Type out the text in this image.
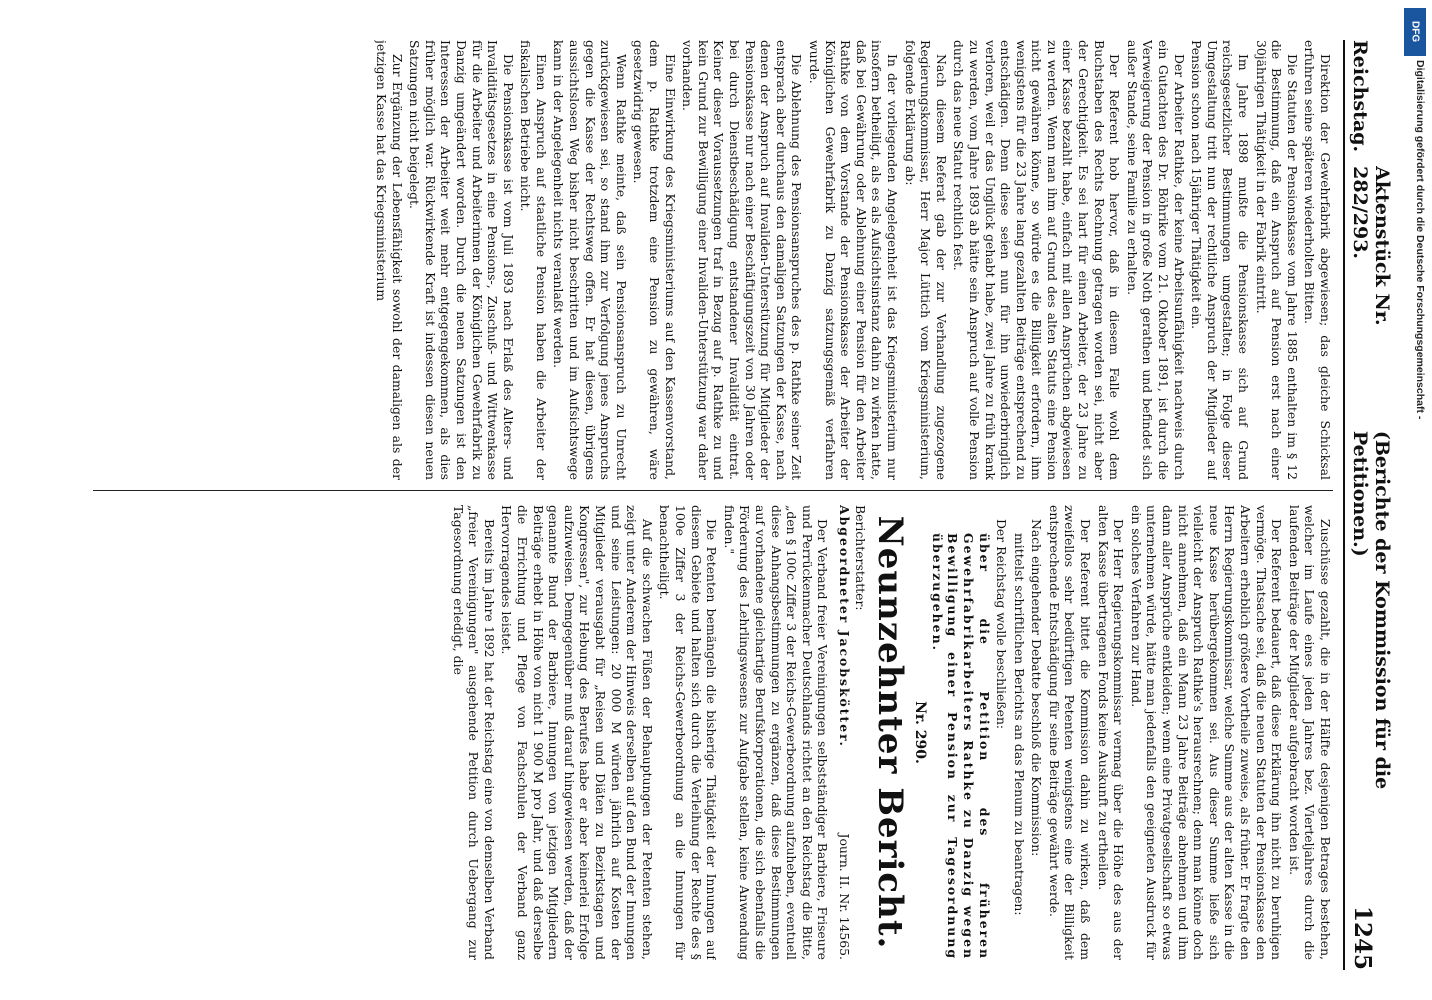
Reichstag.
Aktenstück Nr. 282/293.
(Berichte der Kommission für die Petitionen.)
1245

Direktion der Gewehrfabrik abgewiesen; das gleiche Schicksal erfuhren seine späteren wiederholten Bitten.

Die Statuten der Pensionskasse vom Jahre 1885 enthalten im § 12 die Bestimmung, daß ein Anspruch auf Pension erst nach einer 30jährigen Thätigkeit in der Fabrik eintritt.

Im Jahre 1898 mußte die Pensionskasse sich auf Grund reichsgesetzlicher Bestimmungen umgestalten; in Folge dieser Umgestaltung tritt nun der rechtliche Anspruch der Mitglieder auf Pension schon nach 15jähriger Thätigkeit ein.

Der Arbeiter Rathke, der keine Arbeitsunfähigkeit nachweis durch ein Gutachten des Dr. Böhrike vom 21. Oktober 1891, ist durch die Verweigerung der Pension in große Noth gerathen und befindet sich außer Stande, seine Familie zu erhalten.

Der Referent hob hervor, daß in diesem Falle wohl dem Buchstaben des Rechts Rechnung getragen worden sei, nicht aber der Gerechtigkeit. Es sei hart für einen Arbeiter, der 23 Jahre zu einer Kasse bezahlt habe, einfach mit allen Ansprüchen abgewiesen zu werden. Wenn man ihm auf Grund des alten Statuts eine Pension nicht gewähren könne, so würde es die Billigkeit erfordern, ihm wenigstens für die 23 Jahre lang gezahlten Beiträge entsprechend zu entschädigen. Denn diese seien nun für ihn unwiederbringlich verloren, weil er das Unglück gehabt habe, zwei Jahre zu früh krank zu werden, vom Jahre 1893 ab hätte sein Anspruch auf volle Pension durch das neue Statut rechtlich fest.

Nach diesem Referat gab der zur Verhandlung zugezogene Regierungskommissar, Herr Major Lüttich vom Kriegsministerium, folgende Erklärung ab:

In der vorliegenden Angelegenheit ist das Kriegsministerium nur insofern betheiligt, als es als Aufsichtsinstanz dahin zu wirken hatte, daß bei Gewährung oder Ablehnung einer Pension für den Arbeiter Rathke von dem Vorstande der Pensionskasse der Arbeiter der Königlichen Gewehrfabrik zu Danzig satzungsgemäß verfahren wurde.

Die Ablehnung des Pensionsanspruches des p. Rathke seiner Zeit entsprach aber durchaus den damaligen Satzungen der Kasse, nach denen der Anspruch auf Invaliden-Unterstützung für Mitglieder der Pensionskasse nur nach einer Beschäftigungszeit von 30 Jahren oder bei durch Dienstbeschädigung entstandener Invalidität eintrat. Keiner dieser Voraussetzungen traf in Bezug auf p. Rathke zu und kein Grund zur Bewilligung einer Invaliden-Unterstützung war daher vorhanden.

Eine Einwirkung des Kriegsministeriums auf den Kassenvorstand, dem p. Rathke trotzdem eine Pension zu gewähren, wäre gesetzwidrig gewesen.

Wenn Rathke meinte, daß sein Pensionsanspruch zu Unrecht zurückgewiesen sei, so stand ihm zur Verfolgung jenes Anspruchs gegen die Kasse der Rechtsweg offen. Er hat diesen, übrigens aussichtslosen Weg bisher nicht beschritten und im Aufsichtswege kann in der Angelegenheit nichts veranlaßt werden.

Einen Anspruch auf staatliche Pension haben die Arbeiter der fiskalischen Betriebe nicht.

Die Pensionskasse ist vom Juli 1893 nach Erlaß des Alters- und Invaliditätsgesetzes in eine Pensions-, Zuschuß- und Wittwenkasse für die Arbeiter und Arbeiterinnen der Königlichen Gewehrfabrik zu Danzig umgeändert worden. Durch die neuen Satzungen ist den Interessen der Arbeiter weit mehr entgegengekommen, als dies früher möglich war. Rückwirkende Kraft ist indessen diesen neuen Satzungen nicht beigelegt.

Zur Ergänzung der Lebensfähigkeit sowohl der damaligen als der jetzigen Kasse hat das Kriegsministerium

Zuschüsse gezahlt, die in der Hälfte desjenigen Betrages bestehen, welcher im Laufe eines jeden Jahres bez. Vierteljahres durch die laufenden Beiträge der Mitglieder aufgebracht worden ist.

Der Referent bedauert, daß diese Erklärung ihn nicht zu beruhigen vermöge. Thatsache sei, daß die neuen Statuten der Pensionskasse den Arbeitern erheblich größere Vortheile zuweise, als früher. Er fragte den Herrn Regierungskommissar, welche Summe aus der alten Kasse in die neue Kasse herübergekommen sei. Aus dieser Summe ließe sich vielleicht der Anspruch Rathke's herausrechnen; denn man könne doch nicht annehmen, daß ein Mann 23 Jahre Beiträge abnehmen und ihm dann aller Ansprüche entkleiden; wenn eine Privatgesellschaft so etwas unternehmen würde, hätte man jedenfalls den geeigneten Ausdruck für ein solches Verfahren zur Hand.

Der Herr Regierungskommissar vermag über die Höhe des aus der alten Kasse übertragenen Fonds keine Auskunft zu ertheilen.

Der Referent bittet die Kommission dahin zu wirken, daß dem zweifellos sehr bedürftigen Petenten wenigstens eine der Billigkeit entsprechende Entschädigung für seine Beiträge gewährt werde.

Nach eingehender Debatte beschloß die Kommission:

mittelst schriftlichen Berichts an das Plenum zu beantragen:

Der Reichstag wolle beschließen:

über die Petition des früheren Gewehrfabrikarbeiters Rathke zu Danzig wegen Bewilligung einer Pension zur Tagesordnung überzugehen.

Nr. 290.

Neunzehnter Bericht.

Berichterstatter:
Abgeordneter Jacobskötter.
Journ. II. Nr. 14565.

Der Verband freier Vereinigungen selbstständiger Barbiere, Friseure und Perrückenmacher Deutschlands richtet an den Reichstag die Bitte, „den § 100c Ziffer 3 der Reichs-Gewerbeordnung aufzuheben, eventuell diese Anhangsbestimmungen zu ergänzen, daß diese Bestimmungen auf vorhandene gleichartige Berufskorporationen, die sich ebenfalls die Förderung des Lehrlingswesens zur Aufgabe stellen, keine Anwendung finden."

Die Petenten bemängeln die bisherige Thätigkeit der Innungen auf diesem Gebiete und halten sich durch die Verleihung der Rechte des § 100e Ziffer 3 der Reichs-Gewerbeordnung an die Innungen für benachtheiligt.

Auf die schwachen Füßen der Behauptungen der Petenten stehen, zeigt unter Anderem der Hinweis derselben auf den Bund der Innungen und seine Leistungen: 20 000 M würden jährlich auf Kosten der Mitglieder verausgabt für „Reisen und Diäten zu Bezirkstagen und Kongressen", zur Hebung des Berufes habe er aber keinerlei Erfolge aufzuweisen. Demgegenüber muß darauf hingewiesen werden, daß der genannte Bund der Barbiere, Innungen von jetzigen Mitgliedern Beiträge erhebt in Höhe von nicht 1 900 M pro Jahr, und daß derselbe die Errichtung und Pflege von Fachschulen der Verband ganz Hervorragendes leistet.

Bereits im Jahre 1892 hat der Reichstag eine von demselben Verband „freier Vereinigungen" ausgehende Petition durch Uebergang zur Tagesordnung erledigt, die

DFG
Digitalisierung gefördert durch die Deutsche Forschungsgemeinschaft -
